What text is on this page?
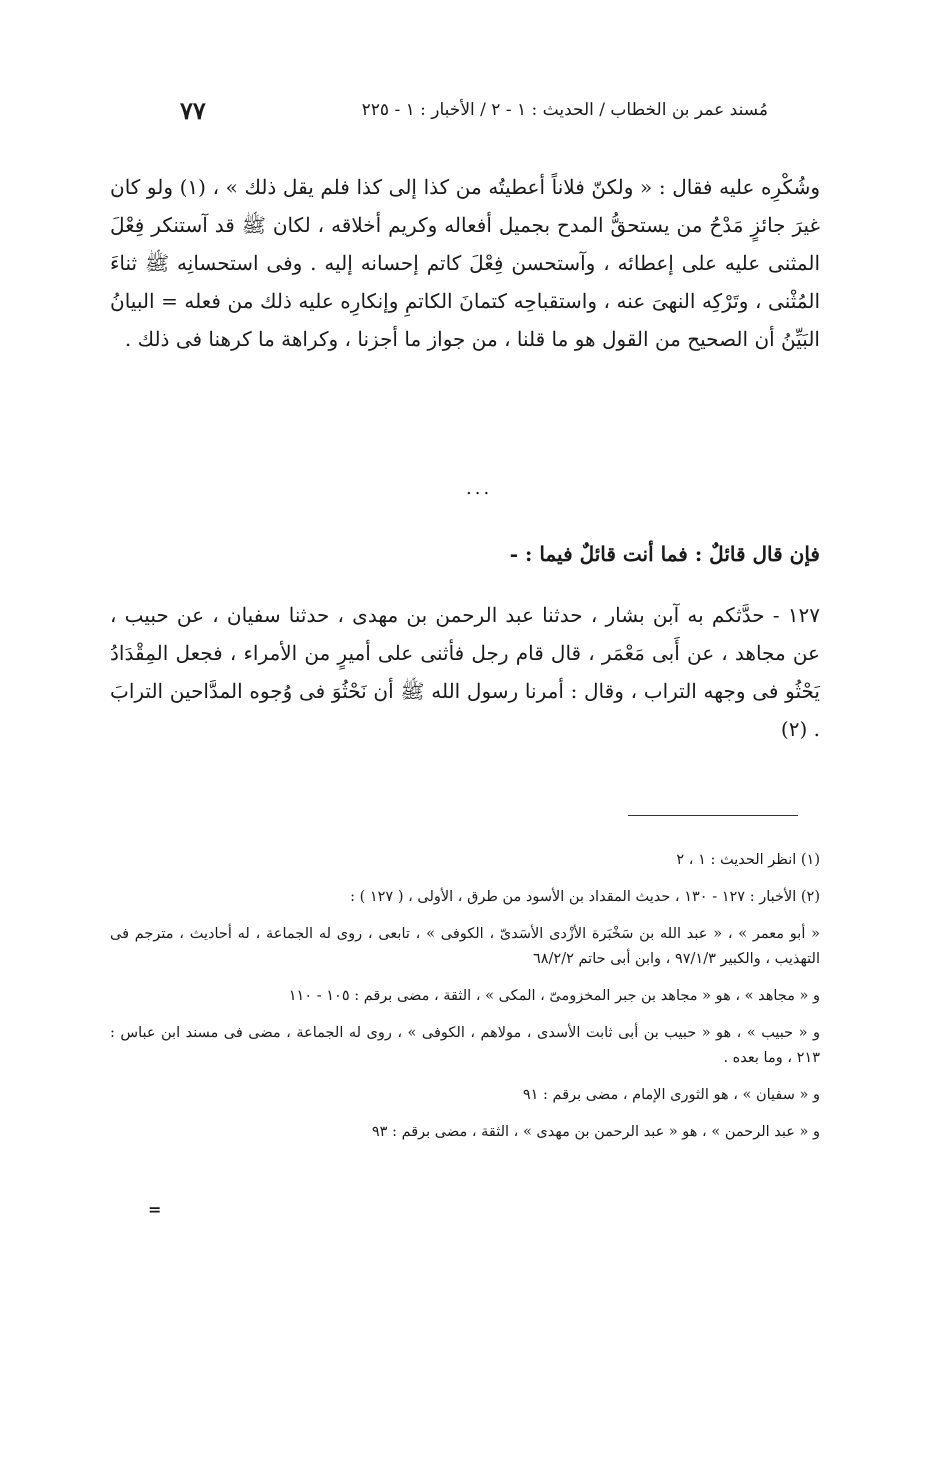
مُسند عمر بن الخطاب / الحديث : ١ - ٢ / الأخبار : ١ - ٢٢٥
٧٧

وشُكْرِه عليه فقال : « ولكنّ فلاناً أعطيتُه من كذا إلى كذا فلم يقل ذلك » ، (١) ولو كان غيرَ جائزٍ مَدْحُ من يستحقُّ المدح بجميل أفعاله وكريم أخلاقه ، لكان ﷺ قد آستنكر فِعْلَ المثنى عليه على إعطائه ، وآستحسن فِعْلَ كاتم إحسانه إليه . وفى استحسانِه ﷺ ثناءَ المُثْنى ، وتَرْكِه النهىَ عنه ، واستقباحِه كتمانَ الكاتمِ وإنكارِه عليه ذلك من فعله = البيانُ البَيِّنُ أن الصحيح من القول هو ما قلنا ، من جواز ما أجزنا ، وكراهة ما كرهنا فى ذلك .

...

فإن قال قائلٌ : فما أنت قائلٌ فيما : -

١٢٧ - حدَّثكم به آبن بشار ، حدثنا عبد الرحمن بن مهدى ، حدثنا سفيان ، عن حبيب ، عن مجاهد ، عن أَبى مَعْمَر ، قال قام رجل فأثنى على أميرٍ من الأمراء ، فجعل المِقْدَادُ يَحْثُو فى وجهه التراب ، وقال : أمرنا رسول الله ﷺ أن نَحْثُوَ فى وُجوه المدَّاحين الترابَ . (٢)

(١) انظر الحديث : ١ ، ٢

(٢) الأخبار : ١٢٧ - ١٣٠ ، حديث المقداد بن الأسود من طرق ، الأولى ، ( ١٢٧ ) :

« أبو معمر » ، « عبد الله بن سَخْبَرة الأزْدى الأسَدىّ ، الكوفى » ، تابعى ، روى له الجماعة ، له أحاديث ، مترجم فى التهذيب ، والكبير ٩٧/١/٣ ، وابن أبى حاتم ٦٨/٢/٢

و « مجاهد » ، هو « مجاهد بن جبر المخزومىّ ، المكى » ، الثقة ، مضى برقم : ١٠٥ - ١١٠

و « حبيب » ، هو « حبيب بن أبى ثابت الأسدى ، مولاهم ، الكوفى » ، روى له الجماعة ، مضى فى مسند ابن عباس : ٢١٣ ، وما بعده .

و « سفيان » ، هو الثورى الإمام ، مضى برقم : ٩١

و « عبد الرحمن » ، هو « عبد الرحمن بن مهدى » ، الثقة ، مضى برقم : ٩٣

=
